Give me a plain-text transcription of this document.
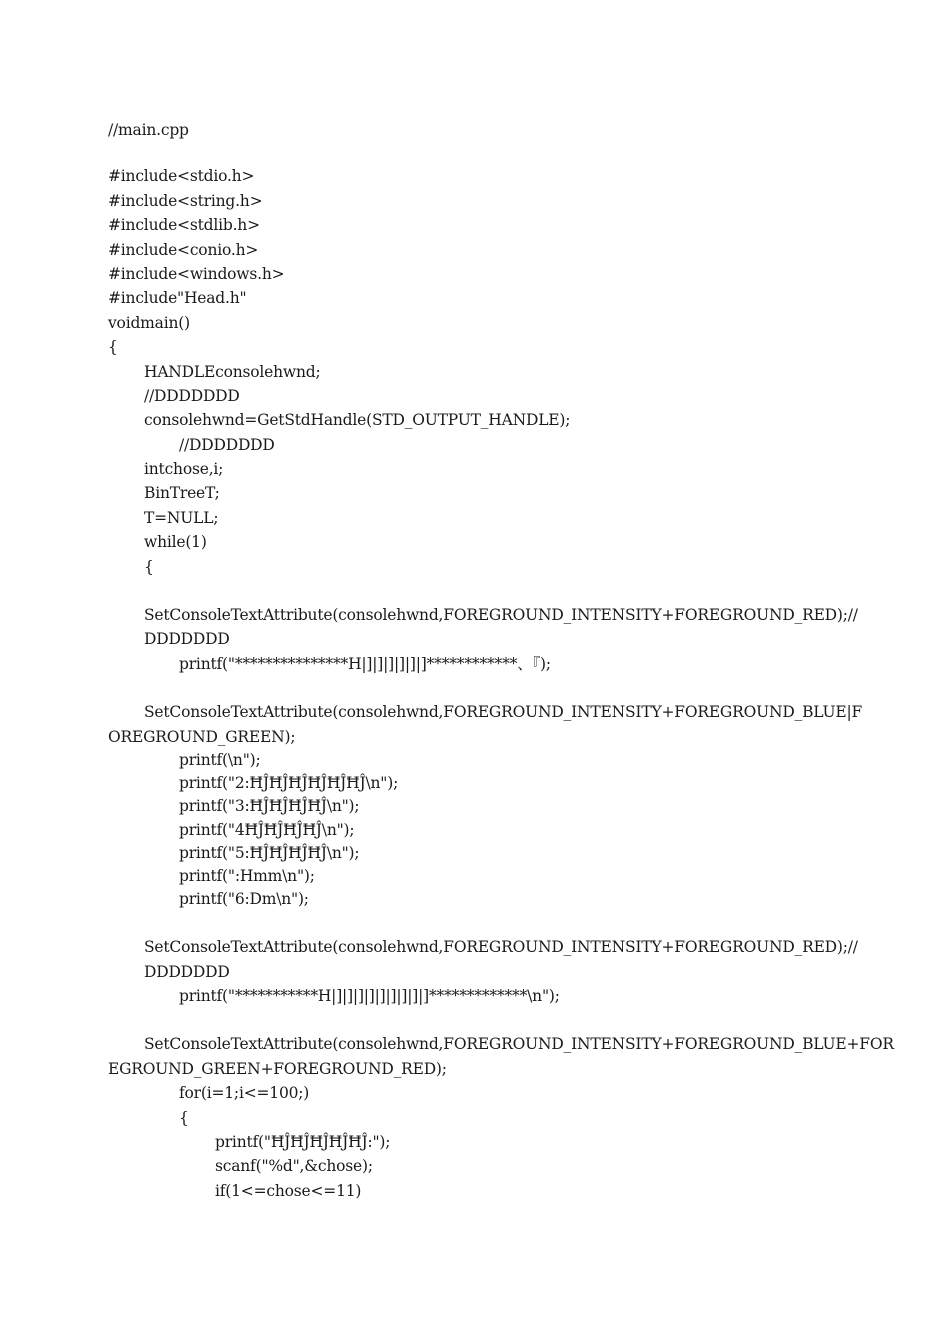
//main.cpp
#include<stdio.h>
#include<string.h>
#include<stdlib.h>
#include<conio.h>
#include<windows.h>
#include"Head.h"
voidmain()
{
HANDLEconsolehwnd;
//DDDDDDD
consolehwnd=GetStdHandle(STD_OUTPUT_HANDLE);
//DDDDDDD
intchose,i;
BinTreeT;
T=NULL;
while(1)
{
SetConsoleTextAttribute(consolehwnd,FOREGROUND_INTENSITY+FOREGROUND_RED);//
DDDDDDD
printf("***************H|]|]|]|]|]|]************、『);
SetConsoleTextAttribute(consolehwnd,FOREGROUND_INTENSITY+FOREGROUND_BLUE|F
OREGROUND_GREEN);
printf(\n");
printf("2:ĦĴĦĴĦĴĦĴĦĴĦĴ\n");
printf("3:ĦĴĦĴĦĴĦĴ\n");
printf("4ĦĴĦĴĦĴĦĴ\n");
printf("5:ĦĴĦĴĦĴĦĴ\n");
printf(":Hmm\n");
printf("6:Dm\n");
SetConsoleTextAttribute(consolehwnd,FOREGROUND_INTENSITY+FOREGROUND_RED);//
DDDDDDD
printf("***********H|]|]|]|]|]|]|]|]|]*************\n");
SetConsoleTextAttribute(consolehwnd,FOREGROUND_INTENSITY+FOREGROUND_BLUE+FOR
EGROUND_GREEN+FOREGROUND_RED);
for(i=1;i<=100;)
{
printf("ĦĴĦĴĦĴĦĴĦĴ:");
scanf("%d",&chose);
if(1<=chose<=11)
